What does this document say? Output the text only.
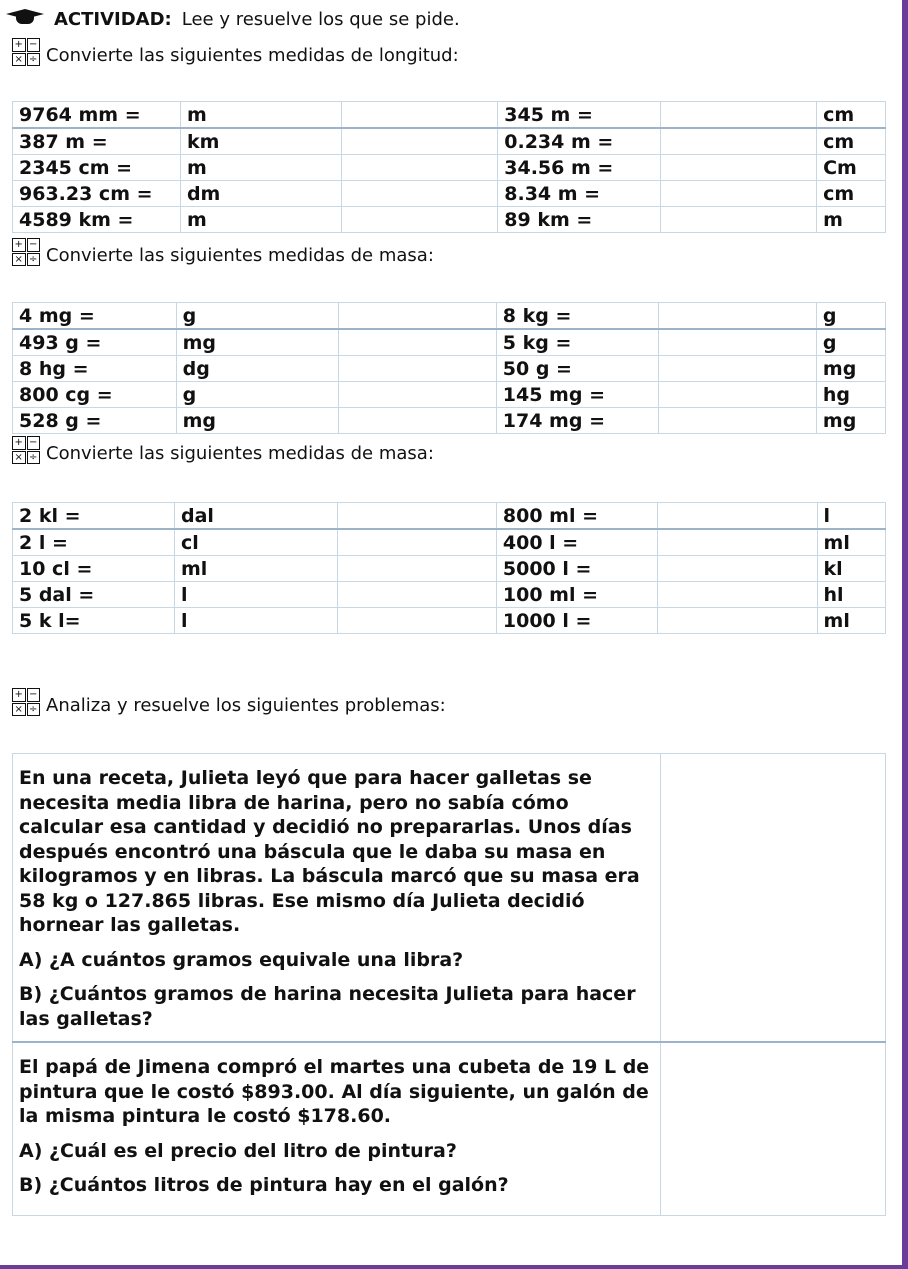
ACTIVIDAD: Lee y resuelve los que se pide.
+ −
× ÷ Convierte las siguientes medidas de longitud:
9764 mm =	m		345 m =		cm
387 m =	km		0.234 m =		cm
2345 cm =	m		34.56 m =		Cm
963.23 cm =	dm		8.34 m =		cm
4589 km =	m		89 km =		m
+ −
× ÷ Convierte las siguientes medidas de masa:
4 mg =	g		8 kg =		g
493 g =	mg		5 kg =		g
8 hg =	dg		50 g =		mg
800 cg =	g		145 mg =		hg
528 g =	mg		174 mg =		mg
+ −
× ÷ Convierte las siguientes medidas de masa:
2 kl =	dal		800 ml =		l
2 l =	cl		400 l =		ml
10 cl =	ml		5000 l =		kl
5 dal =	l		100 ml =		hl
5 k l=	l		1000 l =		ml
+ −
× ÷ Analiza y resuelve los siguientes problemas:

En una receta, Julieta leyó que para hacer galletas se necesita media libra de harina, pero no sabía cómo calcular esa cantidad y decidió no prepararlas. Unos días después encontró una báscula que le daba su masa en kilogramos y en libras. La báscula marcó que su masa era 58 kg o 127.865 libras. Ese mismo día Julieta decidió hornear las galletas.

A) ¿A cuántos gramos equivale una libra?

B) ¿Cuántos gramos de harina necesita Julieta para hacer las galletas?	

El papá de Jimena compró el martes una cubeta de 19 L de pintura que le costó $893.00. Al día siguiente, un galón de la misma pintura le costó $178.60.

A) ¿Cuál es el precio del litro de pintura?

B) ¿Cuántos litros de pintura hay en el galón?	
